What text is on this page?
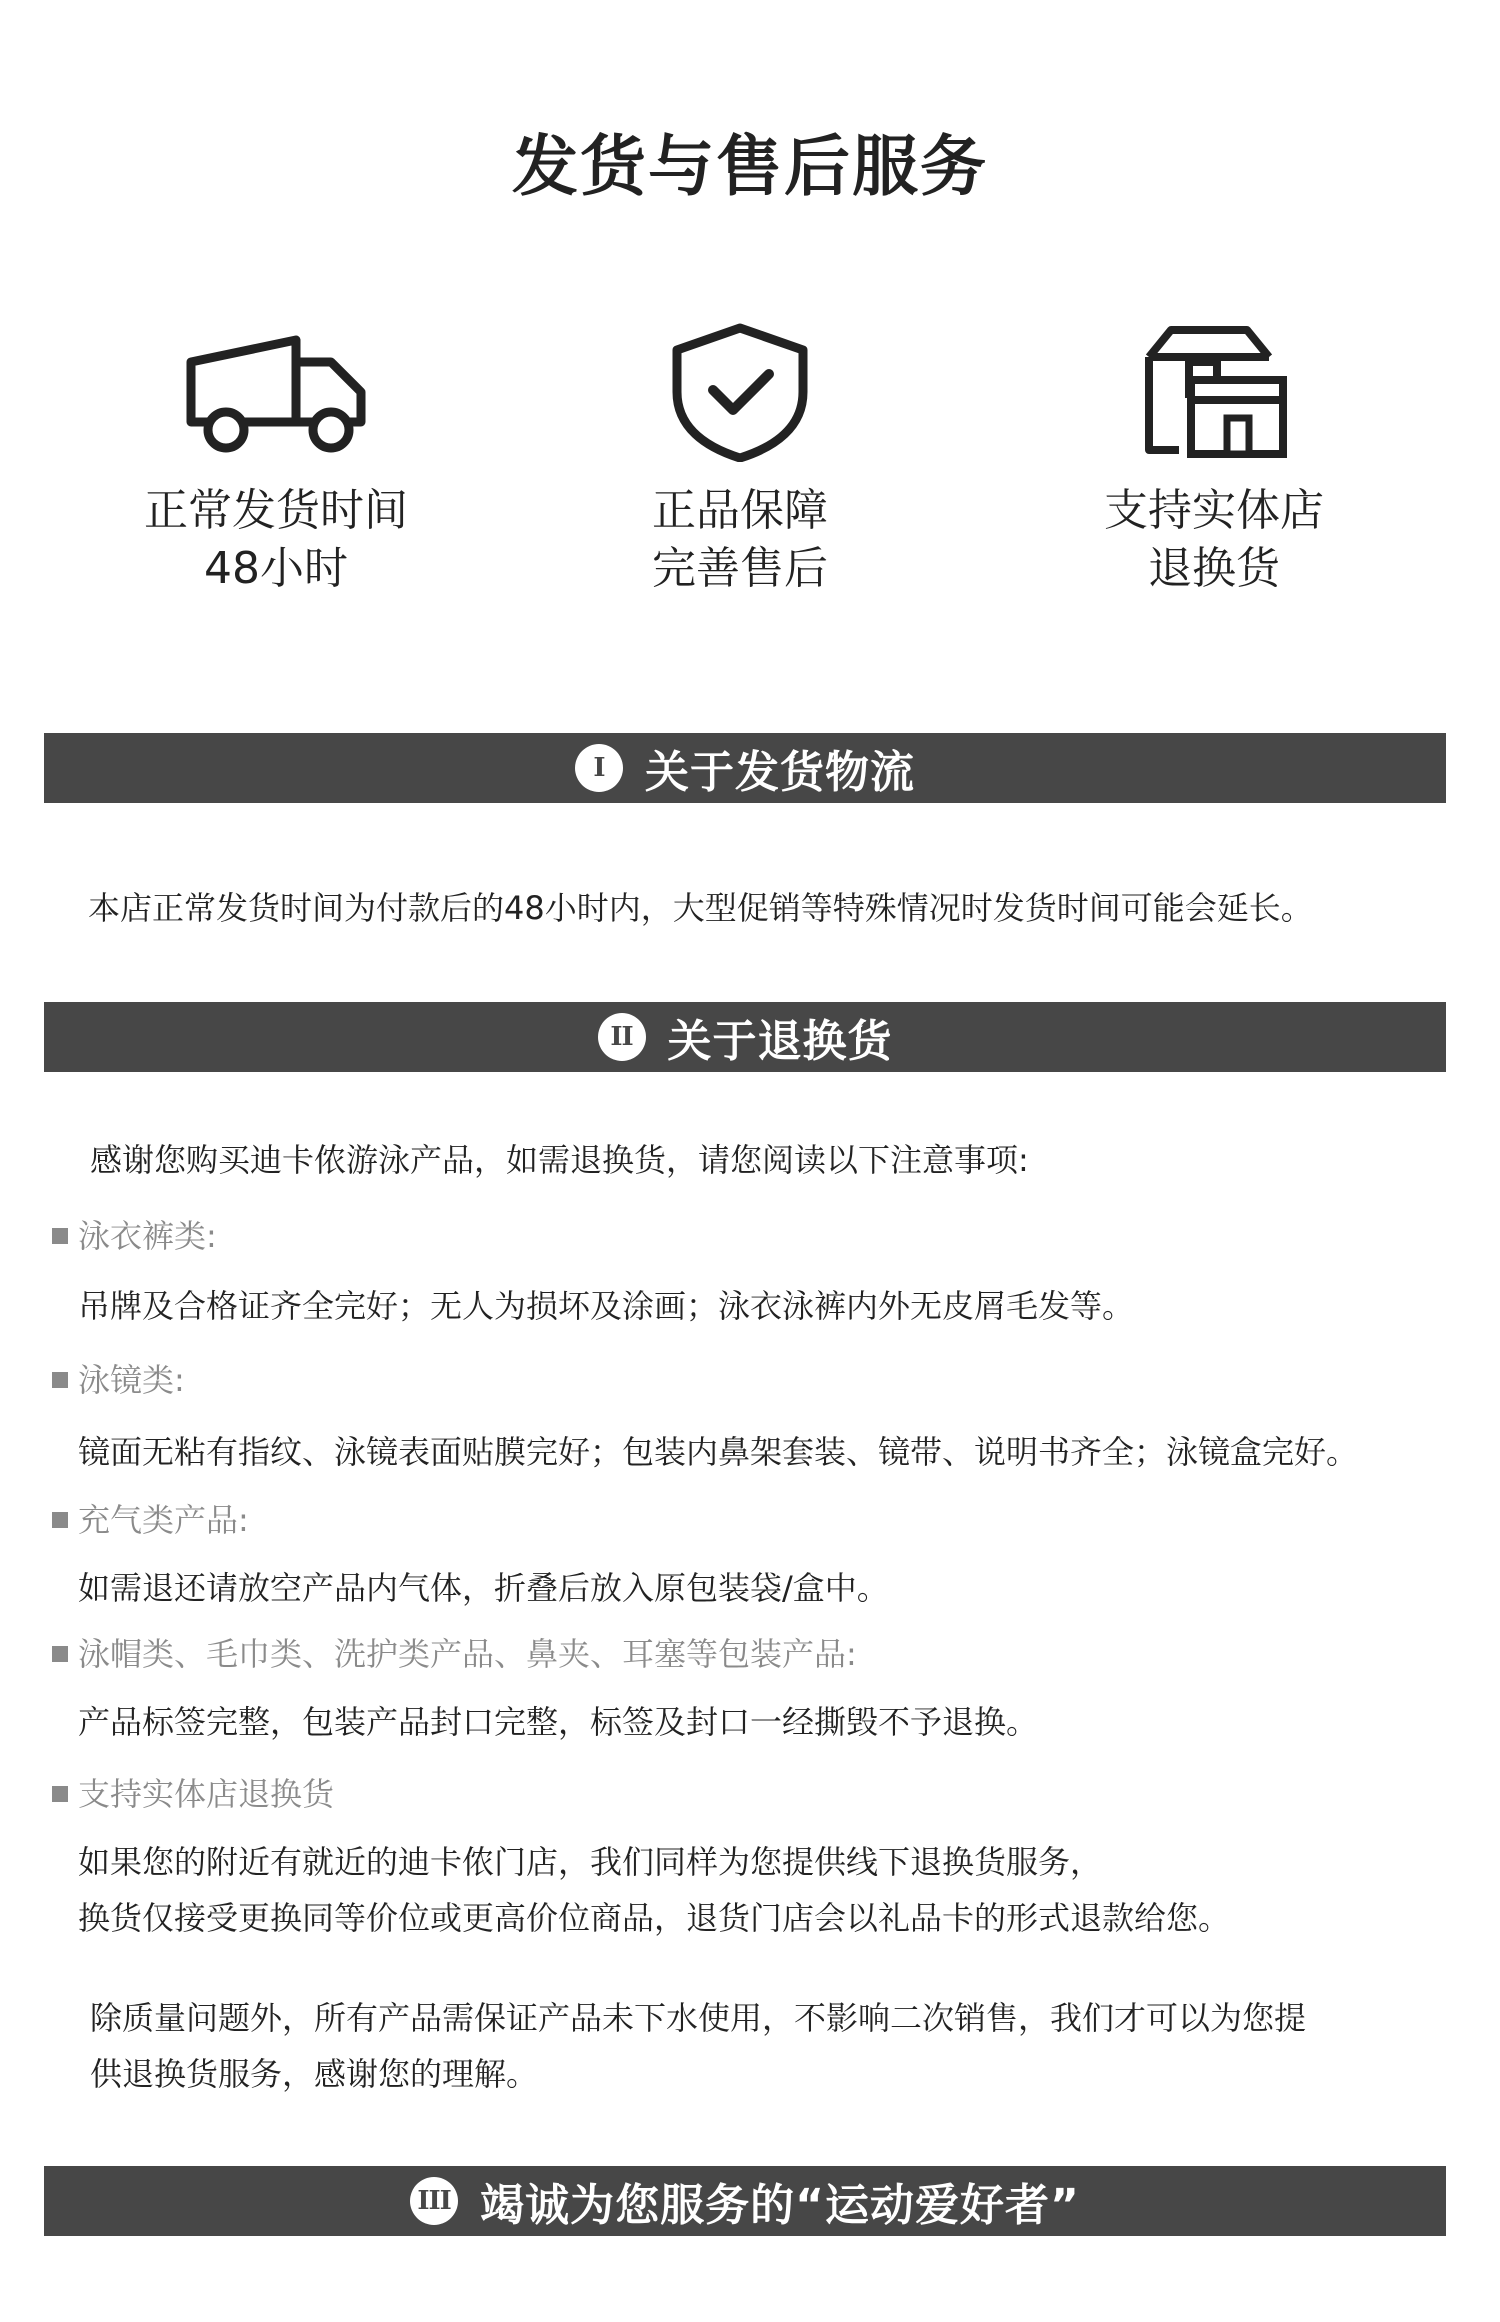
发货与售后服务
正常发货时间
48小时
正品保障
完善售后
支持实体店
退换货
I 关于发货物流
本店正常发货时间为付款后的48小时内，大型促销等特殊情况时发货时间可能会延长。
II 关于退换货
感谢您购买迪卡侬游泳产品，如需退换货，请您阅读以下注意事项:
泳衣裤类:
吊牌及合格证齐全完好；无人为损坏及涂画；泳衣泳裤内外无皮屑毛发等。
泳镜类:
镜面无粘有指纹、泳镜表面贴膜完好；包装内鼻架套装、镜带、说明书齐全；泳镜盒完好。
充气类产品:
如需退还请放空产品内气体，折叠后放入原包装袋/盒中。
泳帽类、毛巾类、洗护类产品、鼻夹、耳塞等包装产品:
产品标签完整，包装产品封口完整，标签及封口一经撕毁不予退换。
支持实体店退换货
如果您的附近有就近的迪卡侬门店，我们同样为您提供线下退换货服务，
换货仅接受更换同等价位或更高价位商品，退货门店会以礼品卡的形式退款给您。
除质量问题外，所有产品需保证产品未下水使用，不影响二次销售，我们才可以为您提
供退换货服务，感谢您的理解。
III 竭诚为您服务的“运动爱好者”
